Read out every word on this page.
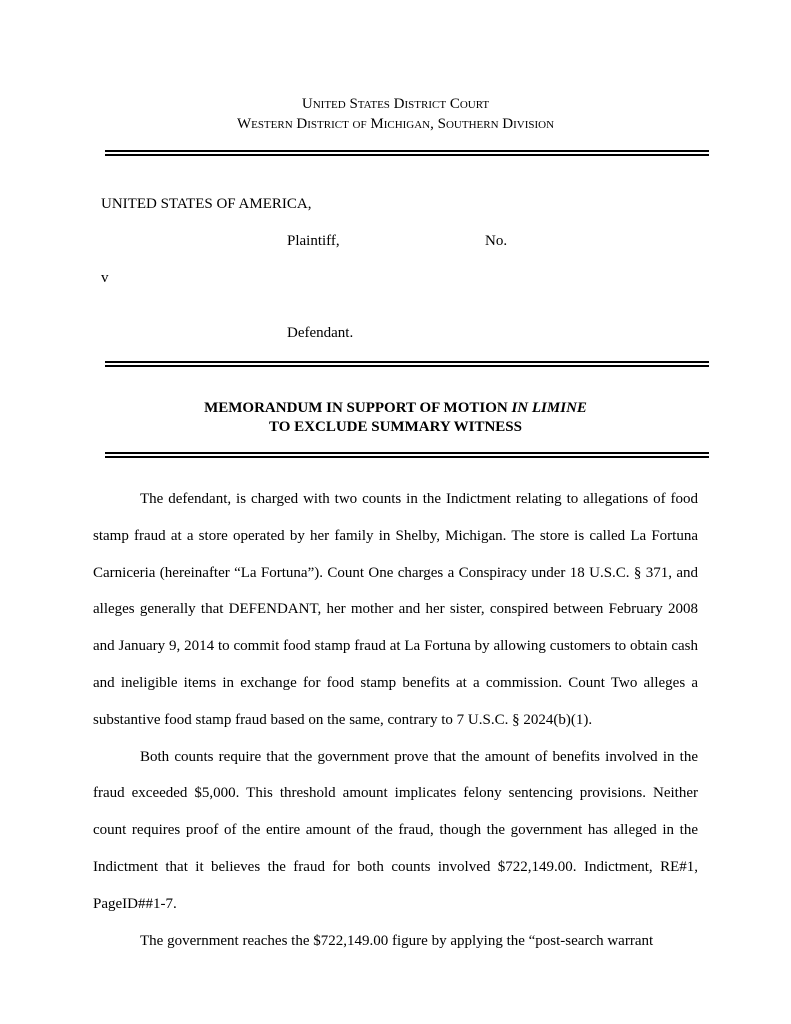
United States District Court
Western District of Michigan, Southern Division
UNITED STATES OF AMERICA,
Plaintiff,	No.
v
Defendant.
MEMORANDUM IN SUPPORT OF MOTION IN LIMINE
TO EXCLUDE SUMMARY WITNESS

The defendant, is charged with two counts in the Indictment relating to allegations of food stamp fraud at a store operated by her family in Shelby, Michigan. The store is called La Fortuna Carniceria (hereinafter “La Fortuna”). Count One charges a Conspiracy under 18 U.S.C. § 371, and alleges generally that DEFENDANT, her mother and her sister, conspired between February 2008 and January 9, 2014 to commit food stamp fraud at La Fortuna by allowing customers to obtain cash and ineligible items in exchange for food stamp benefits at a commission. Count Two alleges a substantive food stamp fraud based on the same, contrary to 7 U.S.C. § 2024(b)(1).

Both counts require that the government prove that the amount of benefits involved in the fraud exceeded $5,000. This threshold amount implicates felony sentencing provisions. Neither count requires proof of the entire amount of the fraud, though the government has alleged in the Indictment that it believes the fraud for both counts involved $722,149.00. Indictment, RE#1, PageID##1-7.

The government reaches the $722,149.00 figure by applying the “post-search warrant
